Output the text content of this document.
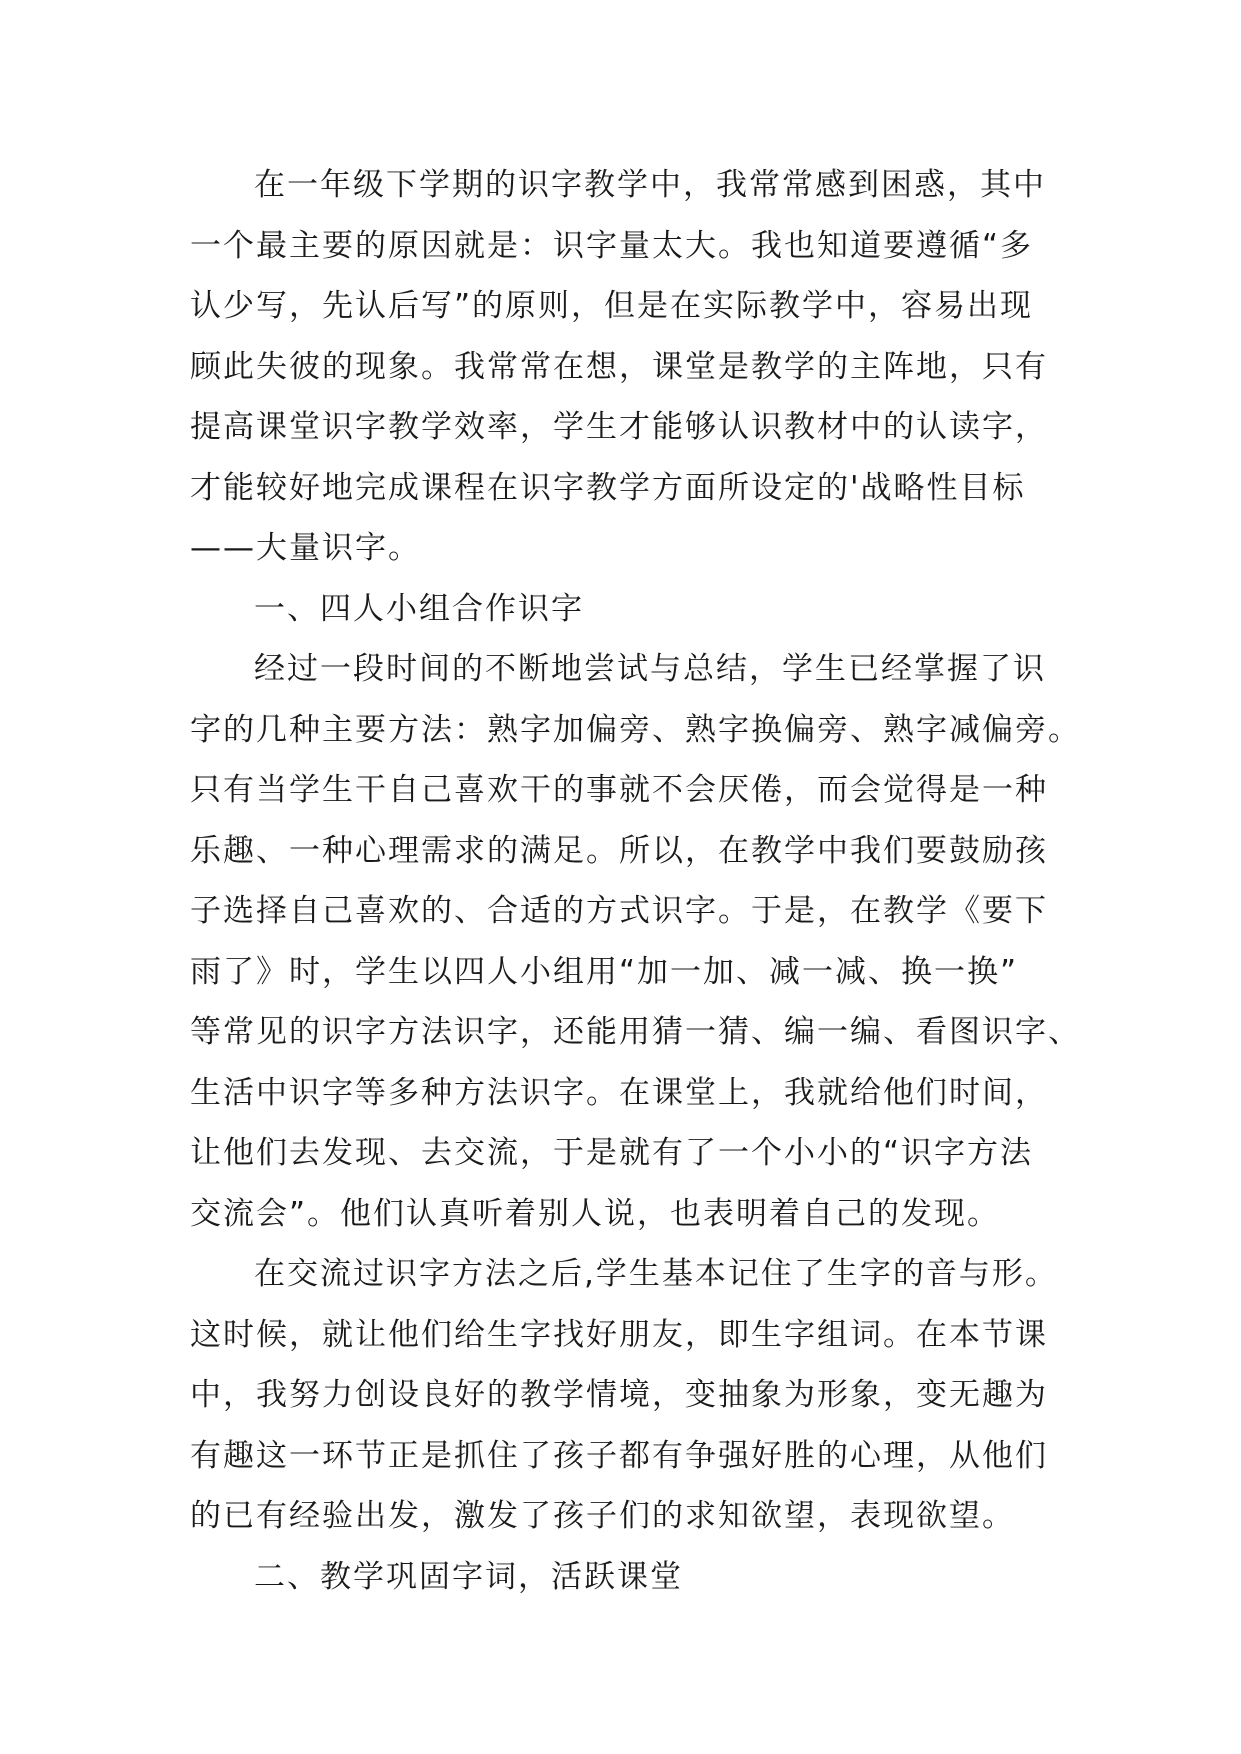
在一年级下学期的识字教学中，我常常感到困惑，其中
一个最主要的原因就是：识字量太大。我也知道要遵循“多
认少写，先认后写”的原则，但是在实际教学中，容易出现
顾此失彼的现象。我常常在想，课堂是教学的主阵地，只有
提高课堂识字教学效率，学生才能够认识教材中的认读字，
才能较好地完成课程在识字教学方面所设定的'战略性目标
——大量识字。
一、四人小组合作识字
经过一段时间的不断地尝试与总结，学生已经掌握了识
字的几种主要方法：熟字加偏旁、熟字换偏旁、熟字减偏旁。
只有当学生干自己喜欢干的事就不会厌倦，而会觉得是一种
乐趣、一种心理需求的满足。所以，在教学中我们要鼓励孩
子选择自己喜欢的、合适的方式识字。于是，在教学《要下
雨了》时，学生以四人小组用“加一加、减一减、换一换”
等常见的识字方法识字，还能用猜一猜、编一编、看图识字、
生活中识字等多种方法识字。在课堂上，我就给他们时间，
让他们去发现、去交流，于是就有了一个小小的“识字方法
交流会”。他们认真听着别人说，也表明着自己的发现。
在交流过识字方法之后,学生基本记住了生字的音与形。
这时候，就让他们给生字找好朋友，即生字组词。在本节课
中，我努力创设良好的教学情境，变抽象为形象，变无趣为
有趣这一环节正是抓住了孩子都有争强好胜的心理，从他们
的已有经验出发，激发了孩子们的求知欲望，表现欲望。
二、教学巩固字词，活跃课堂
